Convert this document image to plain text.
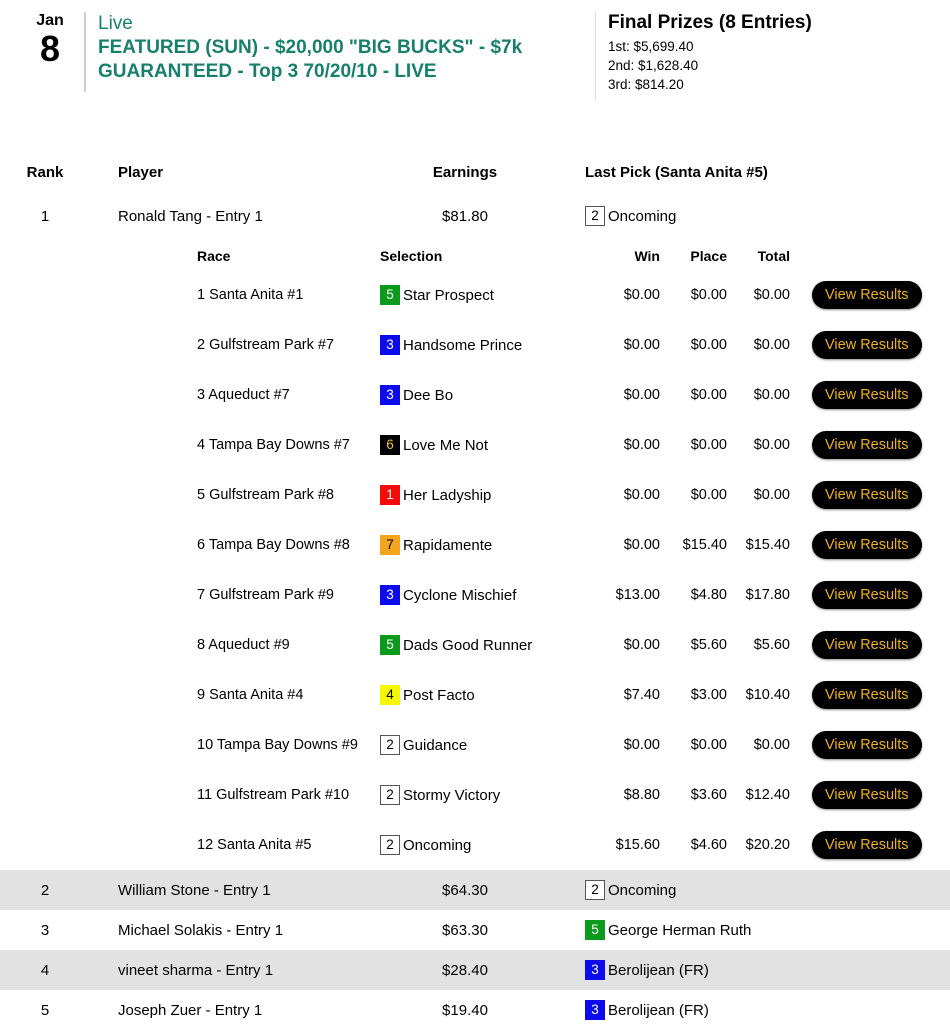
Jan
8
Live
FEATURED (SUN) - $20,000 "BIG BUCKS" - $7k GUARANTEED - Top 3 70/20/10 - LIVE
Final Prizes (8 Entries)
1st: $5,699.40
2nd: $1,628.40
3rd: $814.20
Rank	Player	Earnings	Last Pick (Santa Anita #5)
1	Ronald Tang - Entry 1	$81.80	2 Oncoming
Race	Selection	Win	Place	Total
1 Santa Anita #1	5 Star Prospect	$0.00	$0.00	$0.00	View Results
2 Gulfstream Park #7	3 Handsome Prince	$0.00	$0.00	$0.00	View Results
3 Aqueduct #7	3 Dee Bo	$0.00	$0.00	$0.00	View Results
4 Tampa Bay Downs #7	6 Love Me Not	$0.00	$0.00	$0.00	View Results
5 Gulfstream Park #8	1 Her Ladyship	$0.00	$0.00	$0.00	View Results
6 Tampa Bay Downs #8	7 Rapidamente	$0.00	$15.40	$15.40	View Results
7 Gulfstream Park #9	3 Cyclone Mischief	$13.00	$4.80	$17.80	View Results
8 Aqueduct #9	5 Dads Good Runner	$0.00	$5.60	$5.60	View Results
9 Santa Anita #4	4 Post Facto	$7.40	$3.00	$10.40	View Results
10 Tampa Bay Downs #9	2 Guidance	$0.00	$0.00	$0.00	View Results
11 Gulfstream Park #10	2 Stormy Victory	$8.80	$3.60	$12.40	View Results
12 Santa Anita #5	2 Oncoming	$15.60	$4.60	$20.20	View Results
2	William Stone - Entry 1	$64.30	2 Oncoming
3	Michael Solakis - Entry 1	$63.30	5 George Herman Ruth
4	vineet sharma - Entry 1	$28.40	3 Berolijean (FR)
5	Joseph Zuer - Entry 1	$19.40	3 Berolijean (FR)
